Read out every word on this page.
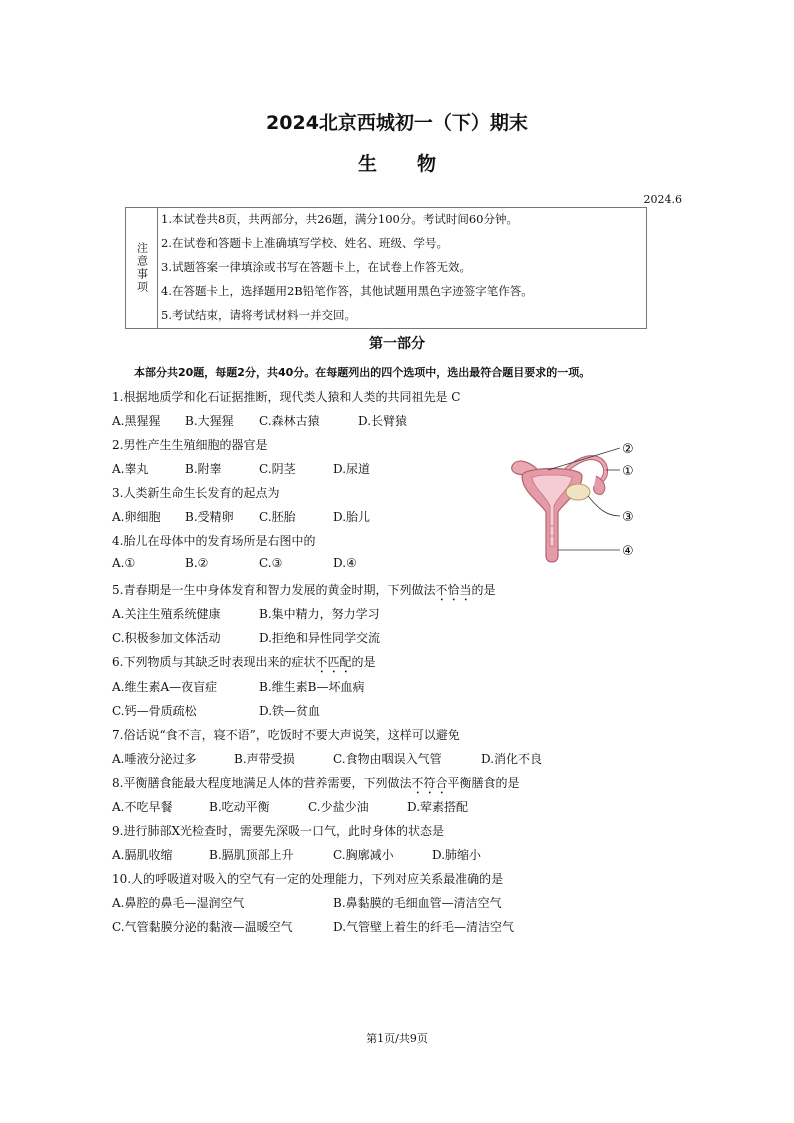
2024北京西城初一（下）期末
生物
2024.6
注意事项
1.本试卷共8页，共两部分，共26题，满分100分。考试时间60分钟。
2.在试卷和答题卡上准确填写学校、姓名、班级、学号。
3.试题答案一律填涂或书写在答题卡上，在试卷上作答无效。
4.在答题卡上，选择题用2B铅笔作答，其他试题用黑色字迹签字笔作答。
5.考试结束，请将考试材料一并交回。
第一部分
本部分共20题，每题2分，共40分。在每题列出的四个选项中，选出最符合题目要求的一项。
1.根据地质学和化石证据推断，现代类人猿和人类的共同祖先是 C
A.黑猩猩 B.大猩猩 C.森林古猿	D.长臂猿
2.男性产生生殖细胞的器官是
A.睾丸	B.附睾	C.阴茎	D.尿道
3.人类新生命生长发育的起点为
A.卵细胞 B.受精卵 C.胚胎	D.胎儿
4.胎儿在母体中的发育场所是右图中的
A.①	B.②	C.③	D.④
5.青春期是一生中身体发育和智力发展的黄金时期，下列做法不恰当的是
A.关注生殖系统健康	B.集中精力，努力学习
C.积极参加文体活动	D.拒绝和异性同学交流
6.下列物质与其缺乏时表现出来的症状不匹配的是
A.维生素A—夜盲症	B.维生素B—坏血病
C.钙—骨质疏松	D.铁—贫血
7.俗话说“食不言，寝不语”，吃饭时不要大声说笑，这样可以避免
A.唾液分泌过多	B.声带受损	C.食物由咽误入气管	D.消化不良
8.平衡膳食能最大程度地满足人体的营养需要，下列做法不符合平衡膳食的是
A.不吃早餐	B.吃动平衡	C.少盐少油	D.荤素搭配
9.进行肺部X光检查时，需要先深吸一口气，此时身体的状态是
A.膈肌收缩	B.膈肌顶部上升	C.胸廓减小	D.肺缩小
10.人的呼吸道对吸入的空气有一定的处理能力，下列对应关系最准确的是
A.鼻腔的鼻毛—湿润空气	B.鼻黏膜的毛细血管—清洁空气
C.气管黏膜分泌的黏液—温暖空气	D.气管壁上着生的纤毛—清洁空气
②
①
③
④
第1页/共9页
